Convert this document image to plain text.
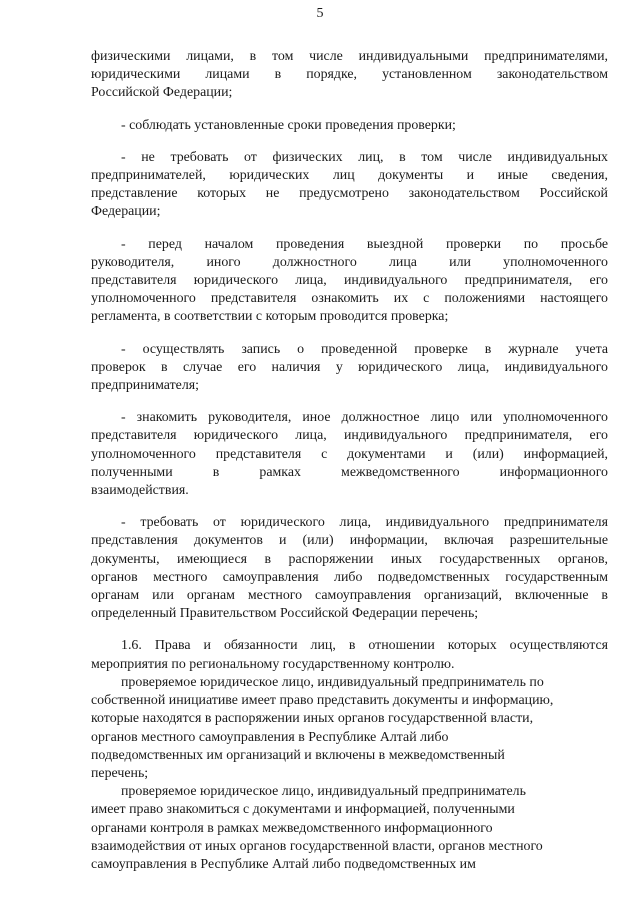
5

физическими лицами, в том числе индивидуальными предпринимателями,

юридическими лицами в порядке, установленном законодательством

Российской Федерации;

- соблюдать установленные сроки проведения проверки;

- не требовать от физических лиц, в том числе индивидуальных

предпринимателей, юридических лиц документы и иные сведения,

представление которых не предусмотрено законодательством Российской

Федерации;

- перед началом проведения выездной проверки по просьбе

руководителя, иного должностного лица или уполномоченного

представителя юридического лица, индивидуального предпринимателя, его

уполномоченного представителя ознакомить их с положениями настоящего

регламента, в соответствии с которым проводится проверка;

- осуществлять запись о проведенной проверке в журнале учета

проверок в случае его наличия у юридического лица, индивидуального

предпринимателя;

- знакомить руководителя, иное должностное лицо или уполномоченного

представителя юридического лица, индивидуального предпринимателя, его

уполномоченного представителя с документами и (или) информацией,

полученными в рамках межведомственного информационного

взаимодействия.

- требовать от юридического лица, индивидуального предпринимателя

представления документов и (или) информации, включая разрешительные

документы, имеющиеся в распоряжении иных государственных органов,

органов местного самоуправления либо подведомственных государственным

органам или органам местного самоуправления организаций, включенные в

определенный Правительством Российской Федерации перечень;

1.6. Права и обязанности лиц, в отношении которых осуществляются

мероприятия по региональному государственному контролю.

проверяемое юридическое лицо, индивидуальный предприниматель по

собственной инициативе имеет право представить документы и информацию,

которые находятся в распоряжении иных органов государственной власти,

органов местного самоуправления в Республике Алтай либо

подведомственных им организаций и включены в межведомственный

перечень;

проверяемое юридическое лицо, индивидуальный предприниматель

имеет право знакомиться с документами и информацией, полученными

органами контроля в рамках межведомственного информационного

взаимодействия от иных органов государственной власти, органов местного

самоуправления в Республике Алтай либо подведомственных им
